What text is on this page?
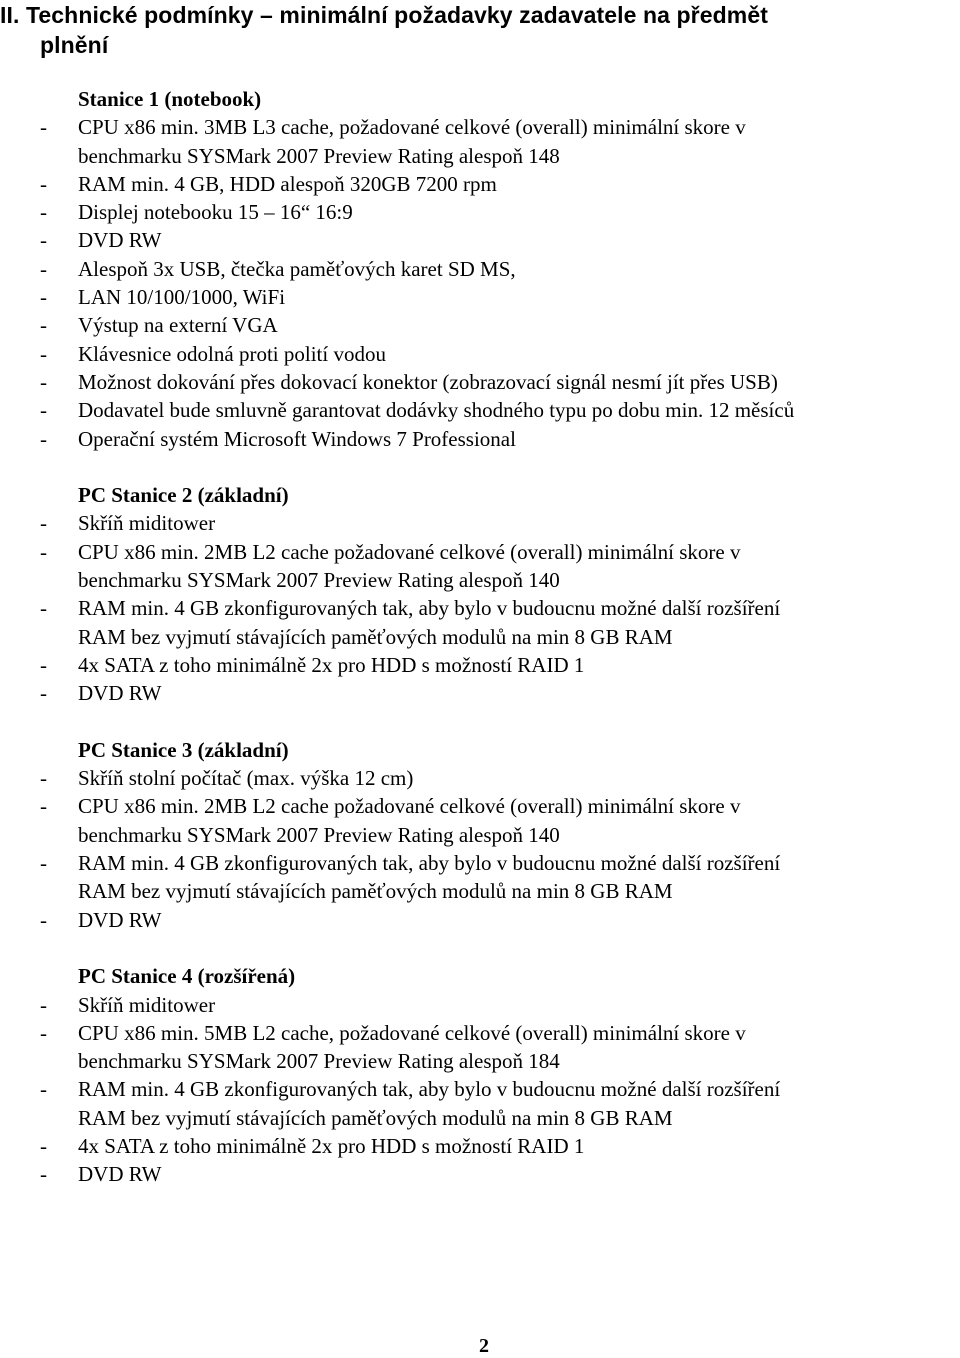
II. Technické podmínky – minimální požadavky zadavatele na předmět
plnění
Stanice 1 (notebook)
- CPU x86 min. 3MB L3 cache, požadované celkové (overall) minimální skore v
benchmarku SYSMark 2007 Preview Rating alespoň 148
- RAM min. 4 GB, HDD alespoň 320GB 7200 rpm
- Displej notebooku 15 – 16“ 16:9
- DVD RW
- Alespoň 3x USB, čtečka paměťových karet SD MS,
- LAN 10/100/1000, WiFi
- Výstup na externí VGA
- Klávesnice odolná proti polití vodou
- Možnost dokování přes dokovací konektor (zobrazovací signál nesmí jít přes USB)
- Dodavatel bude smluvně garantovat dodávky shodného typu po dobu min. 12 měsíců
- Operační systém Microsoft Windows 7 Professional
PC Stanice 2 (základní)
- Skříň miditower
- CPU x86 min. 2MB L2 cache požadované celkové (overall) minimální skore v
benchmarku SYSMark 2007 Preview Rating alespoň 140
- RAM min. 4 GB zkonfigurovaných tak, aby bylo v budoucnu možné další rozšíření
RAM bez vyjmutí stávajících paměťových modulů na min 8 GB RAM
- 4x SATA z toho minimálně 2x pro HDD s možností RAID 1
- DVD RW
PC Stanice 3 (základní)
- Skříň stolní počítač (max. výška 12 cm)
- CPU x86 min. 2MB L2 cache požadované celkové (overall) minimální skore v
benchmarku SYSMark 2007 Preview Rating alespoň 140
- RAM min. 4 GB zkonfigurovaných tak, aby bylo v budoucnu možné další rozšíření
RAM bez vyjmutí stávajících paměťových modulů na min 8 GB RAM
- DVD RW
PC Stanice 4 (rozšířená)
- Skříň miditower
- CPU x86 min. 5MB L2 cache, požadované celkové (overall) minimální skore v
benchmarku SYSMark 2007 Preview Rating alespoň 184
- RAM min. 4 GB zkonfigurovaných tak, aby bylo v budoucnu možné další rozšíření
RAM bez vyjmutí stávajících paměťových modulů na min 8 GB RAM
- 4x SATA z toho minimálně 2x pro HDD s možností RAID 1
- DVD RW
2
